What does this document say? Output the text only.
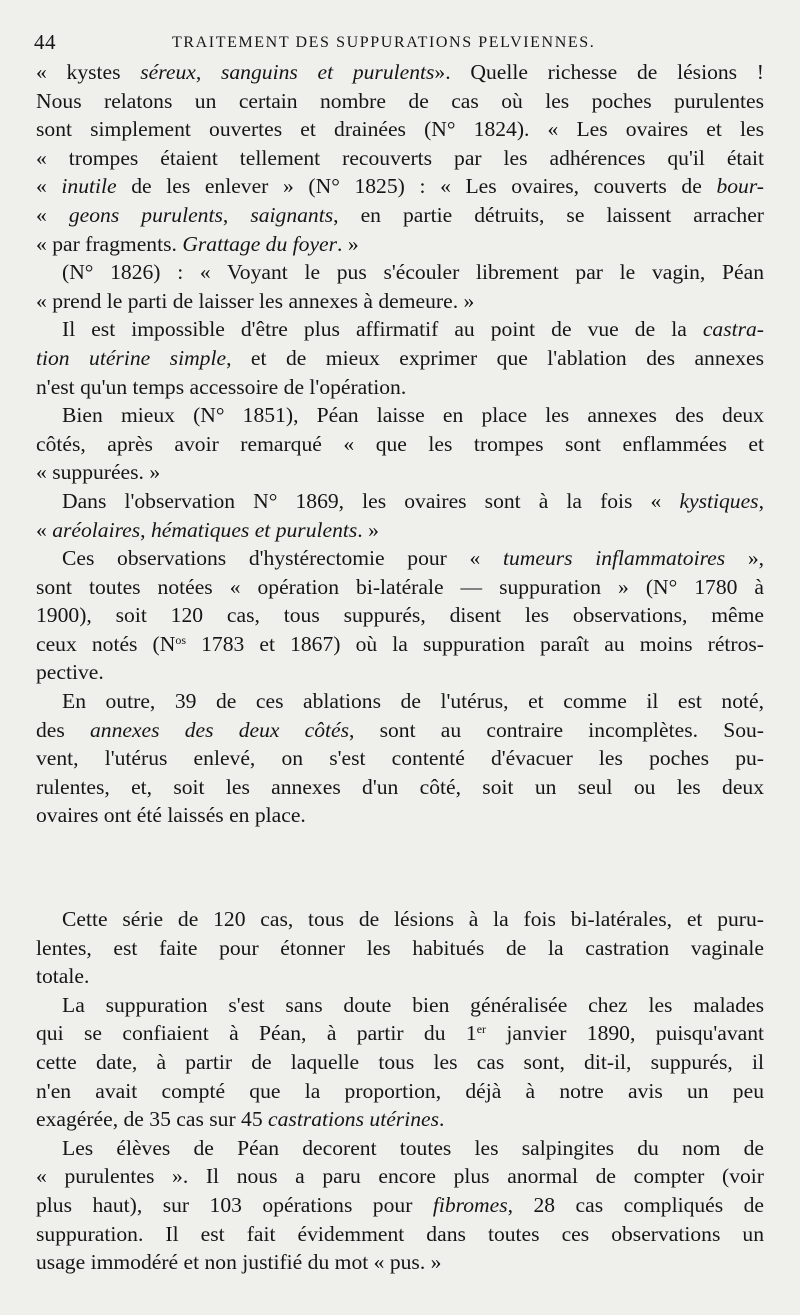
44	TRAITEMENT DES SUPPURATIONS PELVIENNES.
« kystes séreux, sanguins et purulents». Quelle richesse de lésions !
Nous relatons un certain nombre de cas où les poches purulentes
sont simplement ouvertes et drainées (N° 1824). « Les ovaires et les
« trompes étaient tellement recouverts par les adhérences qu'il était
« inutile de les enlever » (N° 1825) : « Les ovaires, couverts de bour-
« geons purulents, saignants, en partie détruits, se laissent arracher
« par fragments. Grattage du foyer. »
(N° 1826) : « Voyant le pus s'écouler librement par le vagin, Péan
« prend le parti de laisser les annexes à demeure. »
Il est impossible d'être plus affirmatif au point de vue de la castra-
tion utérine simple, et de mieux exprimer que l'ablation des annexes
n'est qu'un temps accessoire de l'opération.
Bien mieux (N° 1851), Péan laisse en place les annexes des deux
côtés, après avoir remarqué « que les trompes sont enflammées et
« suppurées. »
Dans l'observation N° 1869, les ovaires sont à la fois « kystiques,
« aréolaires, hématiques et purulents. »
Ces observations d'hystérectomie pour « tumeurs inflammatoires »,
sont toutes notées « opération bi-latérale — suppuration » (N° 1780 à
1900), soit 120 cas, tous suppurés, disent les observations, même
ceux notés ($N^{os}$ 1783 et 1867) où la suppuration paraît au moins rétros-
pective.
En outre, 39 de ces ablations de l'utérus, et comme il est noté,
des annexes des deux côtés, sont au contraire incomplètes. Sou-
vent, l'utérus enlevé, on s'est contenté d'évacuer les poches pu-
rulentes, et, soit les annexes d'un côté, soit un seul ou les deux
ovaires ont été laissés en place.
Cette série de 120 cas, tous de lésions à la fois bi-latérales, et puru-
lentes, est faite pour étonner les habitués de la castration vaginale
totale.
La suppuration s'est sans doute bien généralisée chez les malades
qui se confiaient à Péan, à partir du 1er janvier 1890, puisqu'avant
cette date, à partir de laquelle tous les cas sont, dit-il, suppurés, il
n'en avait compté que la proportion, déjà à notre avis un peu
exagérée, de 35 cas sur 45 castrations utérines.
Les élèves de Péan decorent toutes les salpingites du nom de
« purulentes ». Il nous a paru encore plus anormal de compter (voir
plus haut), sur 103 opérations pour fibromes, 28 cas compliqués de
suppuration. Il est fait évidemment dans toutes ces observations un
usage immodéré et non justifié du mot « pus. »
